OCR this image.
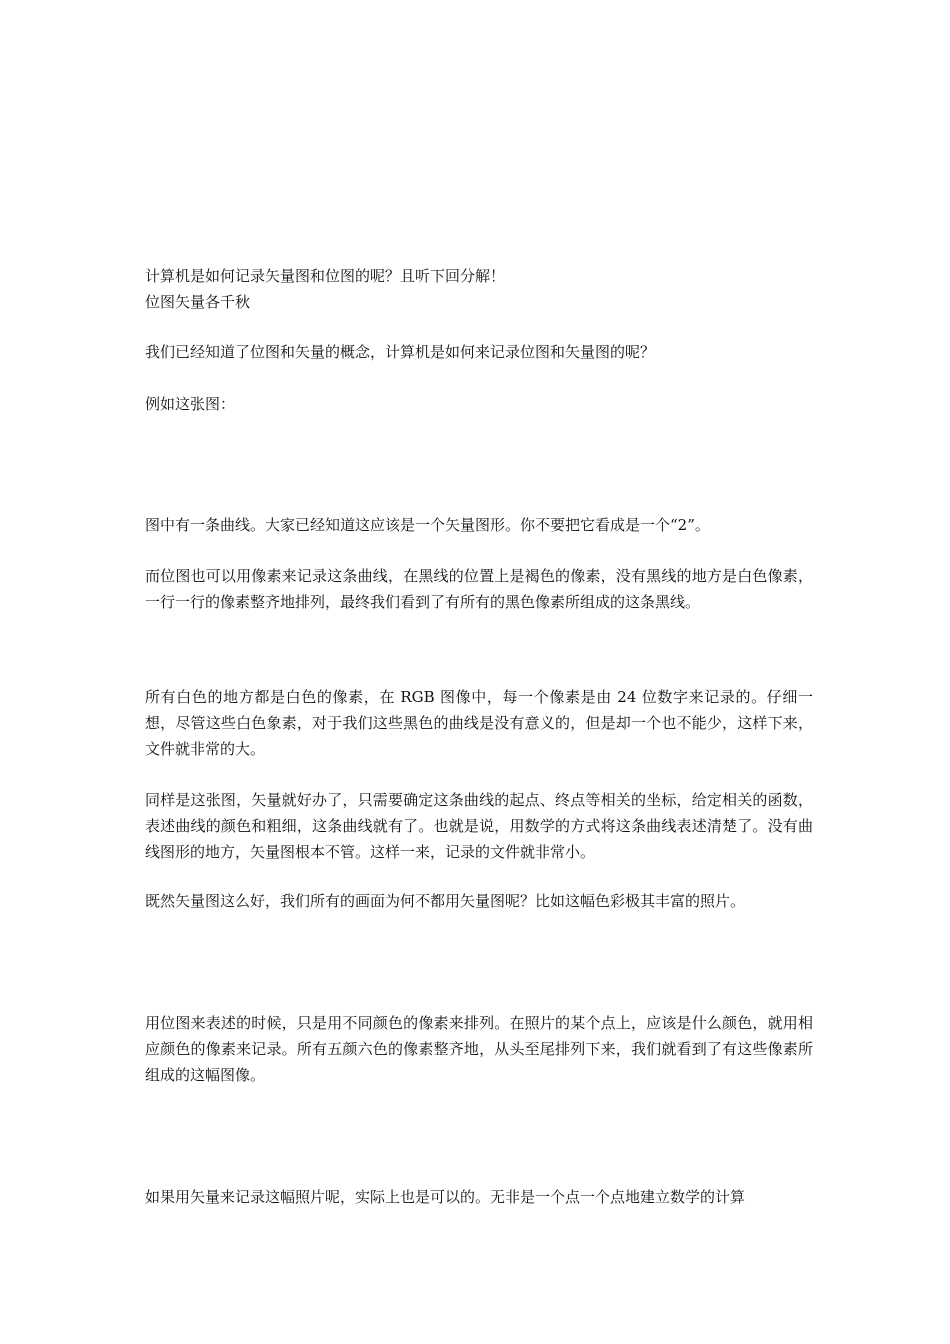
计算机是如何记录矢量图和位图的呢？且听下回分解！
位图矢量各千秋
我们已经知道了位图和矢量的概念，计算机是如何来记录位图和矢量图的呢？
例如这张图：
图中有一条曲线。大家已经知道这应该是一个矢量图形。你不要把它看成是一个“2”。
而位图也可以用像素来记录这条曲线，在黑线的位置上是褐色的像素，没有黑线的地方是白色像素，一行一行的像素整齐地排列，最终我们看到了有所有的黑色像素所组成的这条黑线。
所有白色的地方都是白色的像素，在 RGB 图像中，每一个像素是由 24 位数字来记录的。仔细一想，尽管这些白色象素，对于我们这些黑色的曲线是没有意义的，但是却一个也不能少，这样下来，文件就非常的大。
同样是这张图，矢量就好办了，只需要确定这条曲线的起点、终点等相关的坐标，给定相关的函数，表述曲线的颜色和粗细，这条曲线就有了。也就是说，用数学的方式将这条曲线表述清楚了。没有曲线图形的地方，矢量图根本不管。这样一来，记录的文件就非常小。
既然矢量图这么好，我们所有的画面为何不都用矢量图呢？比如这幅色彩极其丰富的照片。
用位图来表述的时候，只是用不同颜色的像素来排列。在照片的某个点上，应该是什么颜色，就用相应颜色的像素来记录。所有五颜六色的像素整齐地，从头至尾排列下来，我们就看到了有这些像素所组成的这幅图像。
如果用矢量来记录这幅照片呢，实际上也是可以的。无非是一个点一个点地建立数学的计算
